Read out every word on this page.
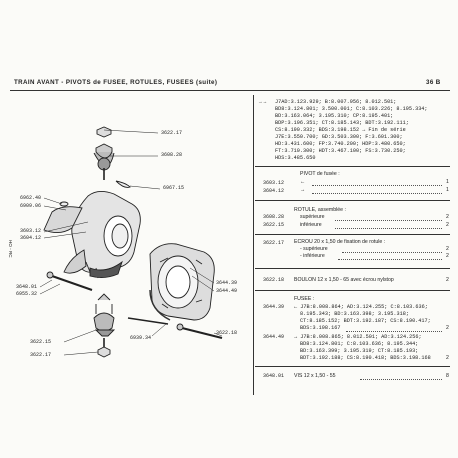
TRAIN AVANT - PIVOTS de FUSEE, ROTULES, FUSEES (suite)	36 B
3622.17
3608.28
6967.15
6962.40
6909.06
3603.12
3604.12
HO - RC
3648.01
6955.32
3644.39
3644.49
3622.18
3622.15
6939.34
3622.17
→→ J7AD:3.123.929; B:8.007.956; 8.012.501;
BD8:3.124.801; 3.500.001; C:8.103.226; 8.195.334;
BD:3.163.064; 3.195.310; CP:8.195.401;
BDP:3.196.351; CT:8.185.143; BDT:3.192.111;
CS:8.190.332; BDS:3.198.152 → Fin de série
J7E:3.550.700; GD:3.503.300; F:3.601.300;
HD:3.431.600; FP:3.740.200; HDP:3.480.650;
FT:3.710.300; HDT:3.467.100; FS:3.730.250;
HDS:3.485.650
PIVOT de fusée :
3603.12	←	1
3604.12	→	1
ROTULE, assemblée :
3608.28	supérieure	2
3622.15	inférieure	2
3622.17 ECROU 20 x 1,50 de fixation de rotule :
- supérieure	2
- inférieure	2
3622.18 BOULON 12 x 1,50 - 65 avec écrou nylstop	2
FUSEE :
3644.39 ← J7B:8.008.864; AD:3.124.255; C:8.103.636;
8.195.343; BD:3.163.398; 3.195.318;
CT:8.185.152; BDT:3.192.187; CS:8.190.417;
BDS:3.198.167	2
3644.49 → J7B:8.008.865; 8.012.501; AD:3.124.256;
BD8:3.124.801; C:8.103.636; 8.195.344;
BD:3.163.399; 3.195.319; CT:8.185.193;
BDT:3.192.188; CS:8.190.418; BDS:3.198.168	2
3648.01 VIS 12 x 1,50 - 55	8
